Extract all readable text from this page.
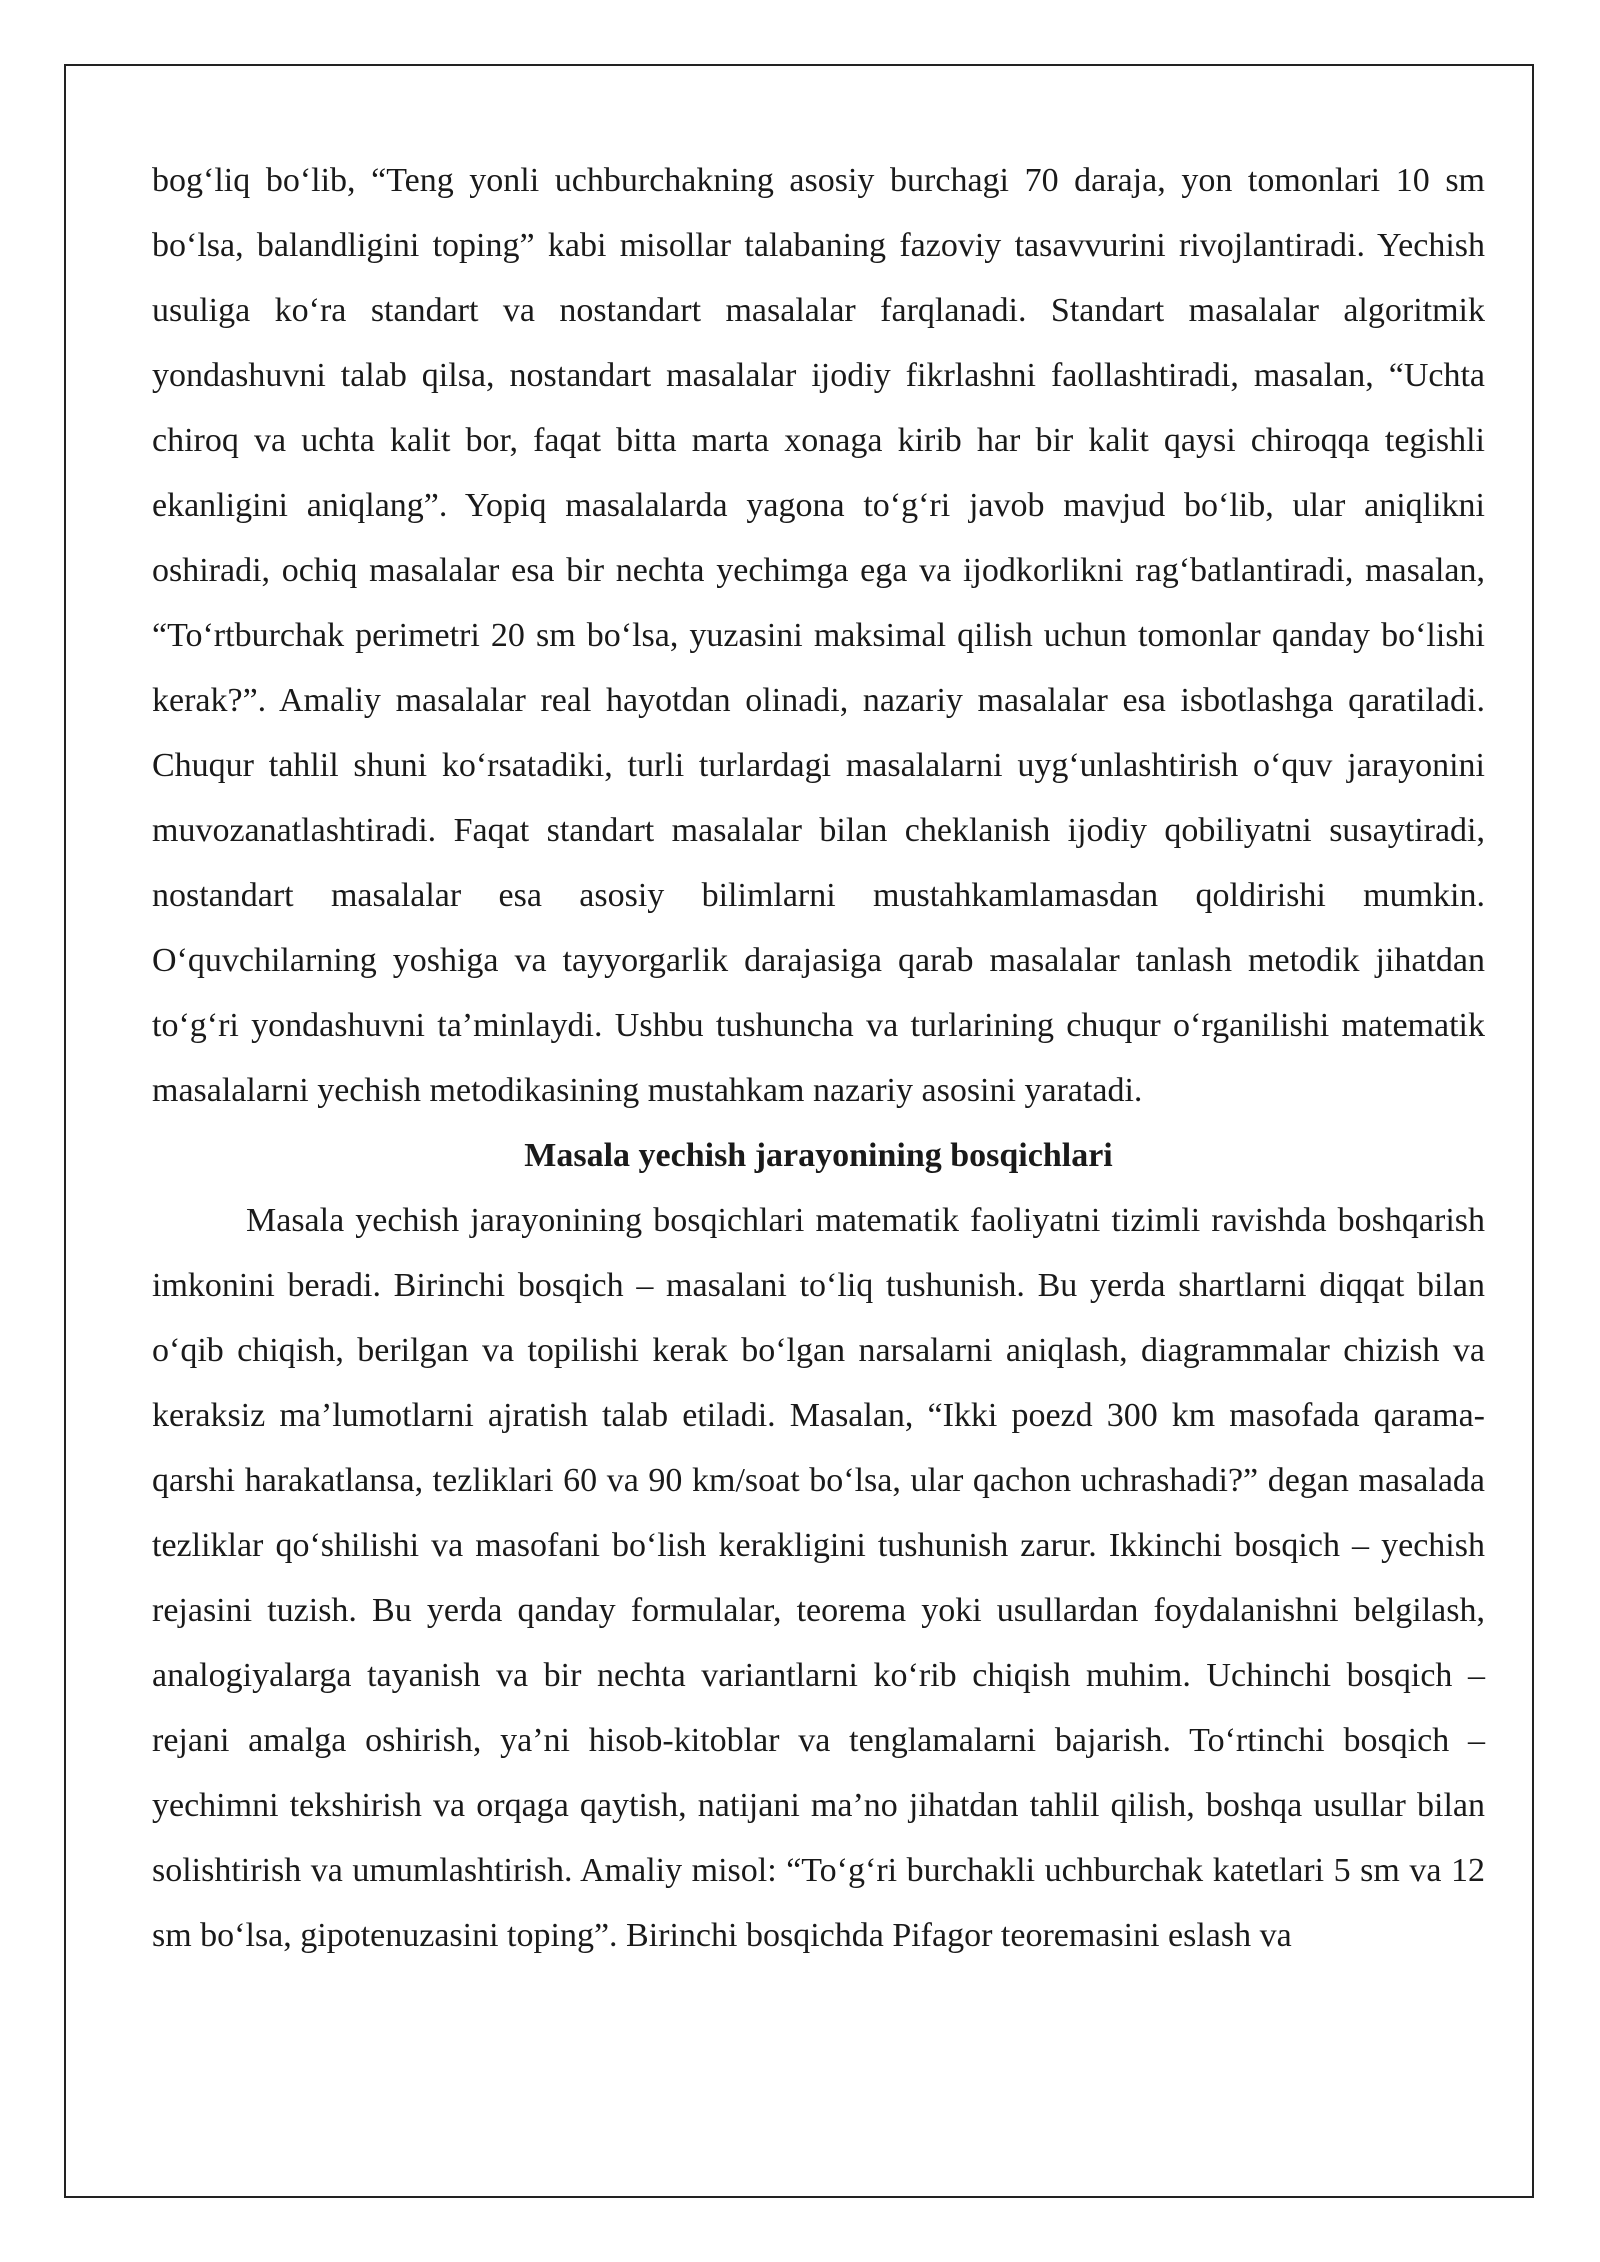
bog‘liq bo‘lib, “Teng yonli uchburchakning asosiy burchagi 70 daraja, yon tomonlari 10 sm bo‘lsa, balandligini toping” kabi misollar talabaning fazoviy tasavvurini rivojlantiradi. Yechish usuliga ko‘ra standart va nostandart masalalar farqlanadi. Standart masalalar algoritmik yondashuvni talab qilsa, nostandart masalalar ijodiy fikrlashni faollashtiradi, masalan, “Uchta chiroq va uchta kalit bor, faqat bitta marta xonaga kirib har bir kalit qaysi chiroqqa tegishli ekanligini aniqlang”. Yopiq masalalarda yagona to‘g‘ri javob mavjud bo‘lib, ular aniqlikni oshiradi, ochiq masalalar esa bir nechta yechimga ega va ijodkorlikni rag‘batlantiradi, masalan, “To‘rtburchak perimetri 20 sm bo‘lsa, yuzasini maksimal qilish uchun tomonlar qanday bo‘lishi kerak?”. Amaliy masalalar real hayotdan olinadi, nazariy masalalar esa isbotlashga qaratiladi. Chuqur tahlil shuni ko‘rsatadiki, turli turlardagi masalalarni uyg‘unlashtirish o‘quv jarayonini muvozanatlashtiradi. Faqat standart masalalar bilan cheklanish ijodiy qobiliyatni susaytiradi, nostandart masalalar esa asosiy bilimlarni mustahkamlamasdan qoldirishi mumkin. O‘quvchilarning yoshiga va tayyorgarlik darajasiga qarab masalalar tanlash metodik jihatdan to‘g‘ri yondashuvni ta’minlaydi. Ushbu tushuncha va turlarining chuqur o‘rganilishi matematik masalalarni yechish metodikasining mustahkam nazariy asosini yaratadi.

Masala yechish jarayonining bosqichlari

Masala yechish jarayonining bosqichlari matematik faoliyatni tizimli ravishda boshqarish imkonini beradi. Birinchi bosqich – masalani to‘liq tushunish. Bu yerda shartlarni diqqat bilan o‘qib chiqish, berilgan va topilishi kerak bo‘lgan narsalarni aniqlash, diagrammalar chizish va keraksiz ma’lumotlarni ajratish talab etiladi. Masalan, “Ikki poezd 300 km masofada qarama-qarshi harakatlansa, tezliklari 60 va 90 km/soat bo‘lsa, ular qachon uchrashadi?” degan masalada tezliklar qo‘shilishi va masofani bo‘lish kerakligini tushunish zarur. Ikkinchi bosqich – yechish rejasini tuzish. Bu yerda qanday formulalar, teorema yoki usullardan foydalanishni belgilash, analogiyalarga tayanish va bir nechta variantlarni ko‘rib chiqish muhim. Uchinchi bosqich – rejani amalga oshirish, ya’ni hisob-kitoblar va tenglamalarni bajarish. To‘rtinchi bosqich – yechimni tekshirish va orqaga qaytish, natijani ma’no jihatdan tahlil qilish, boshqa usullar bilan solishtirish va umumlashtirish. Amaliy misol: “To‘g‘ri burchakli uchburchak katetlari 5 sm va 12 sm bo‘lsa, gipotenuzasini toping”. Birinchi bosqichda Pifagor teoremasini eslash va
